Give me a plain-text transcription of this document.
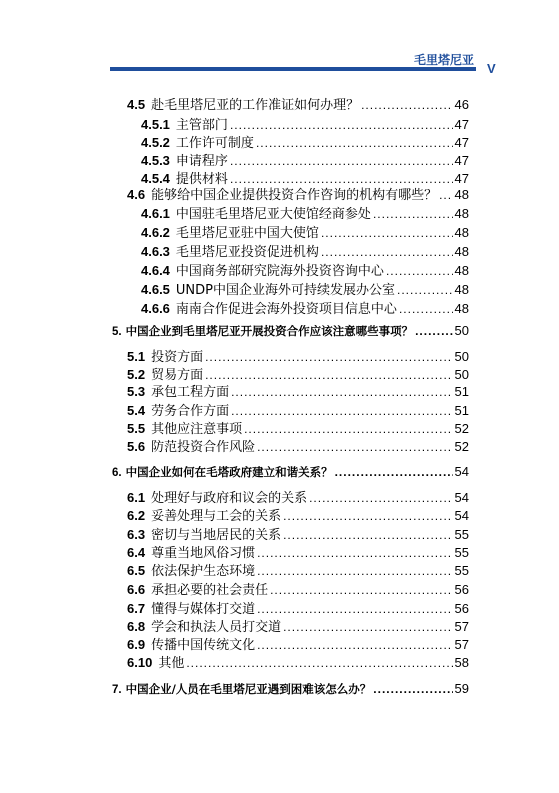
毛里塔尼亚
V
4.5 赴毛里塔尼亚的工作准证如何办理？ .....	46
4.5.1 主管部门 .....	47
4.5.2 工作许可制度 .....	47
4.5.3 申请程序 .....	47
4.5.4 提供材料 .....	47
4.6 能够给中国企业提供投资合作咨询的机构有哪些？ ..... 48
4.6.1 中国驻毛里塔尼亚大使馆经商参处 .....	48
4.6.2 毛里塔尼亚驻中国大使馆 .....	48
4.6.3 毛里塔尼亚投资促进机构 .....	48
4.6.4 中国商务部研究院海外投资咨询中心 .....	48
4.6.5 UNDP中国企业海外可持续发展办公室 .....	48
4.6.6 南南合作促进会海外投资项目信息中心 .....	48
5. 中国企业到毛里塔尼亚开展投资合作应该注意哪些事项？ .....	50
5.1 投资方面 .....	50
5.2 贸易方面 .....	50
5.3 承包工程方面 .....	51
5.4 劳务合作方面 .....	51
5.5 其他应注意事项 .....	52
5.6 防范投资合作风险 .....	52
6. 中国企业如何在毛塔政府建立和谐关系？ .....	54
6.1 处理好与政府和议会的关系 .....	54
6.2 妥善处理与工会的关系 .....	54
6.3 密切与当地居民的关系 .....	55
6.4 尊重当地风俗习惯 .....	55
6.5 依法保护生态环境 .....	55
6.6 承担必要的社会责任 .....	56
6.7 懂得与媒体打交道 .....	56
6.8 学会和执法人员打交道 .....	57
6.9 传播中国传统文化 .....	57
6.10 其他 .....	58
7. 中国企业/人员在毛里塔尼亚遇到困难该怎么办？ .....	59
